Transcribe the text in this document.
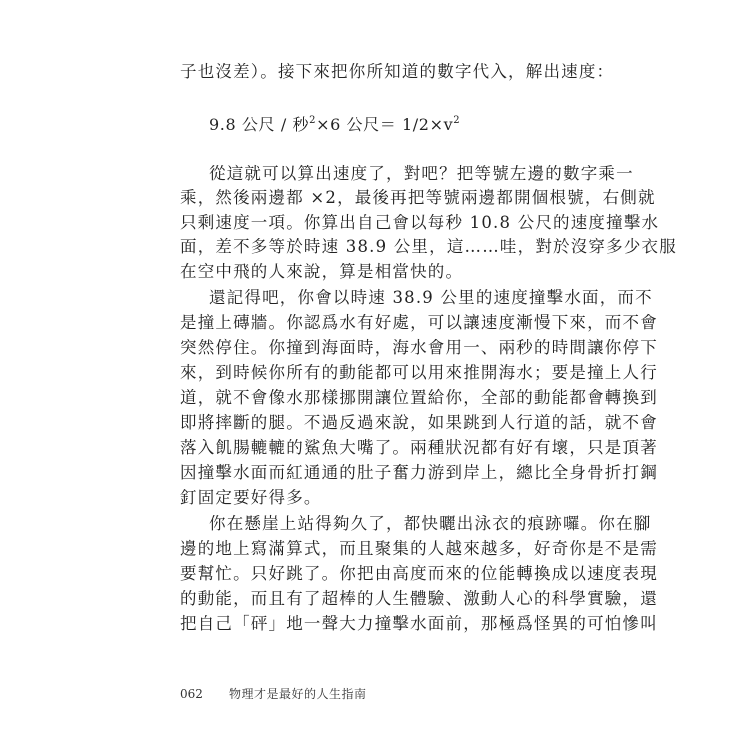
子也沒差）。接下來把你所知道的數字代入，解出速度：
9.8 公尺 / 秒$^2$×6 公尺＝ $1/2\times v^2$
從這就可以算出速度了，對吧？把等號左邊的數字乘一
乘，然後兩邊都 ×2，最後再把等號兩邊都開個根號，右側就
只剩速度一項。你算出自己會以每秒 10.8 公尺的速度撞擊水
面，差不多等於時速 38.9 公里，這……哇，對於沒穿多少衣服
在空中飛的人來說，算是相當快的。
還記得吧，你會以時速 38.9 公里的速度撞擊水面，而不
是撞上磚牆。你認爲水有好處，可以讓速度漸慢下來，而不會
突然停住。你撞到海面時，海水會用一、兩秒的時間讓你停下
來，到時候你所有的動能都可以用來推開海水；要是撞上人行
道，就不會像水那樣挪開讓位置給你，全部的動能都會轉換到
即將摔斷的腿。不過反過來說，如果跳到人行道的話，就不會
落入飢腸轆轆的鯊魚大嘴了。兩種狀況都有好有壞，只是頂著
因撞擊水面而紅通通的肚子奮力游到岸上，總比全身骨折打鋼
釘固定要好得多。
你在懸崖上站得夠久了，都快曬出泳衣的痕跡囉。你在腳
邊的地上寫滿算式，而且聚集的人越來越多，好奇你是不是需
要幫忙。只好跳了。你把由高度而來的位能轉換成以速度表現
的動能，而且有了超棒的人生體驗、激動人心的科學實驗，還
把自己「砰」地一聲大力撞擊水面前，那極爲怪異的可怕慘叫
062 物理才是最好的人生指南
